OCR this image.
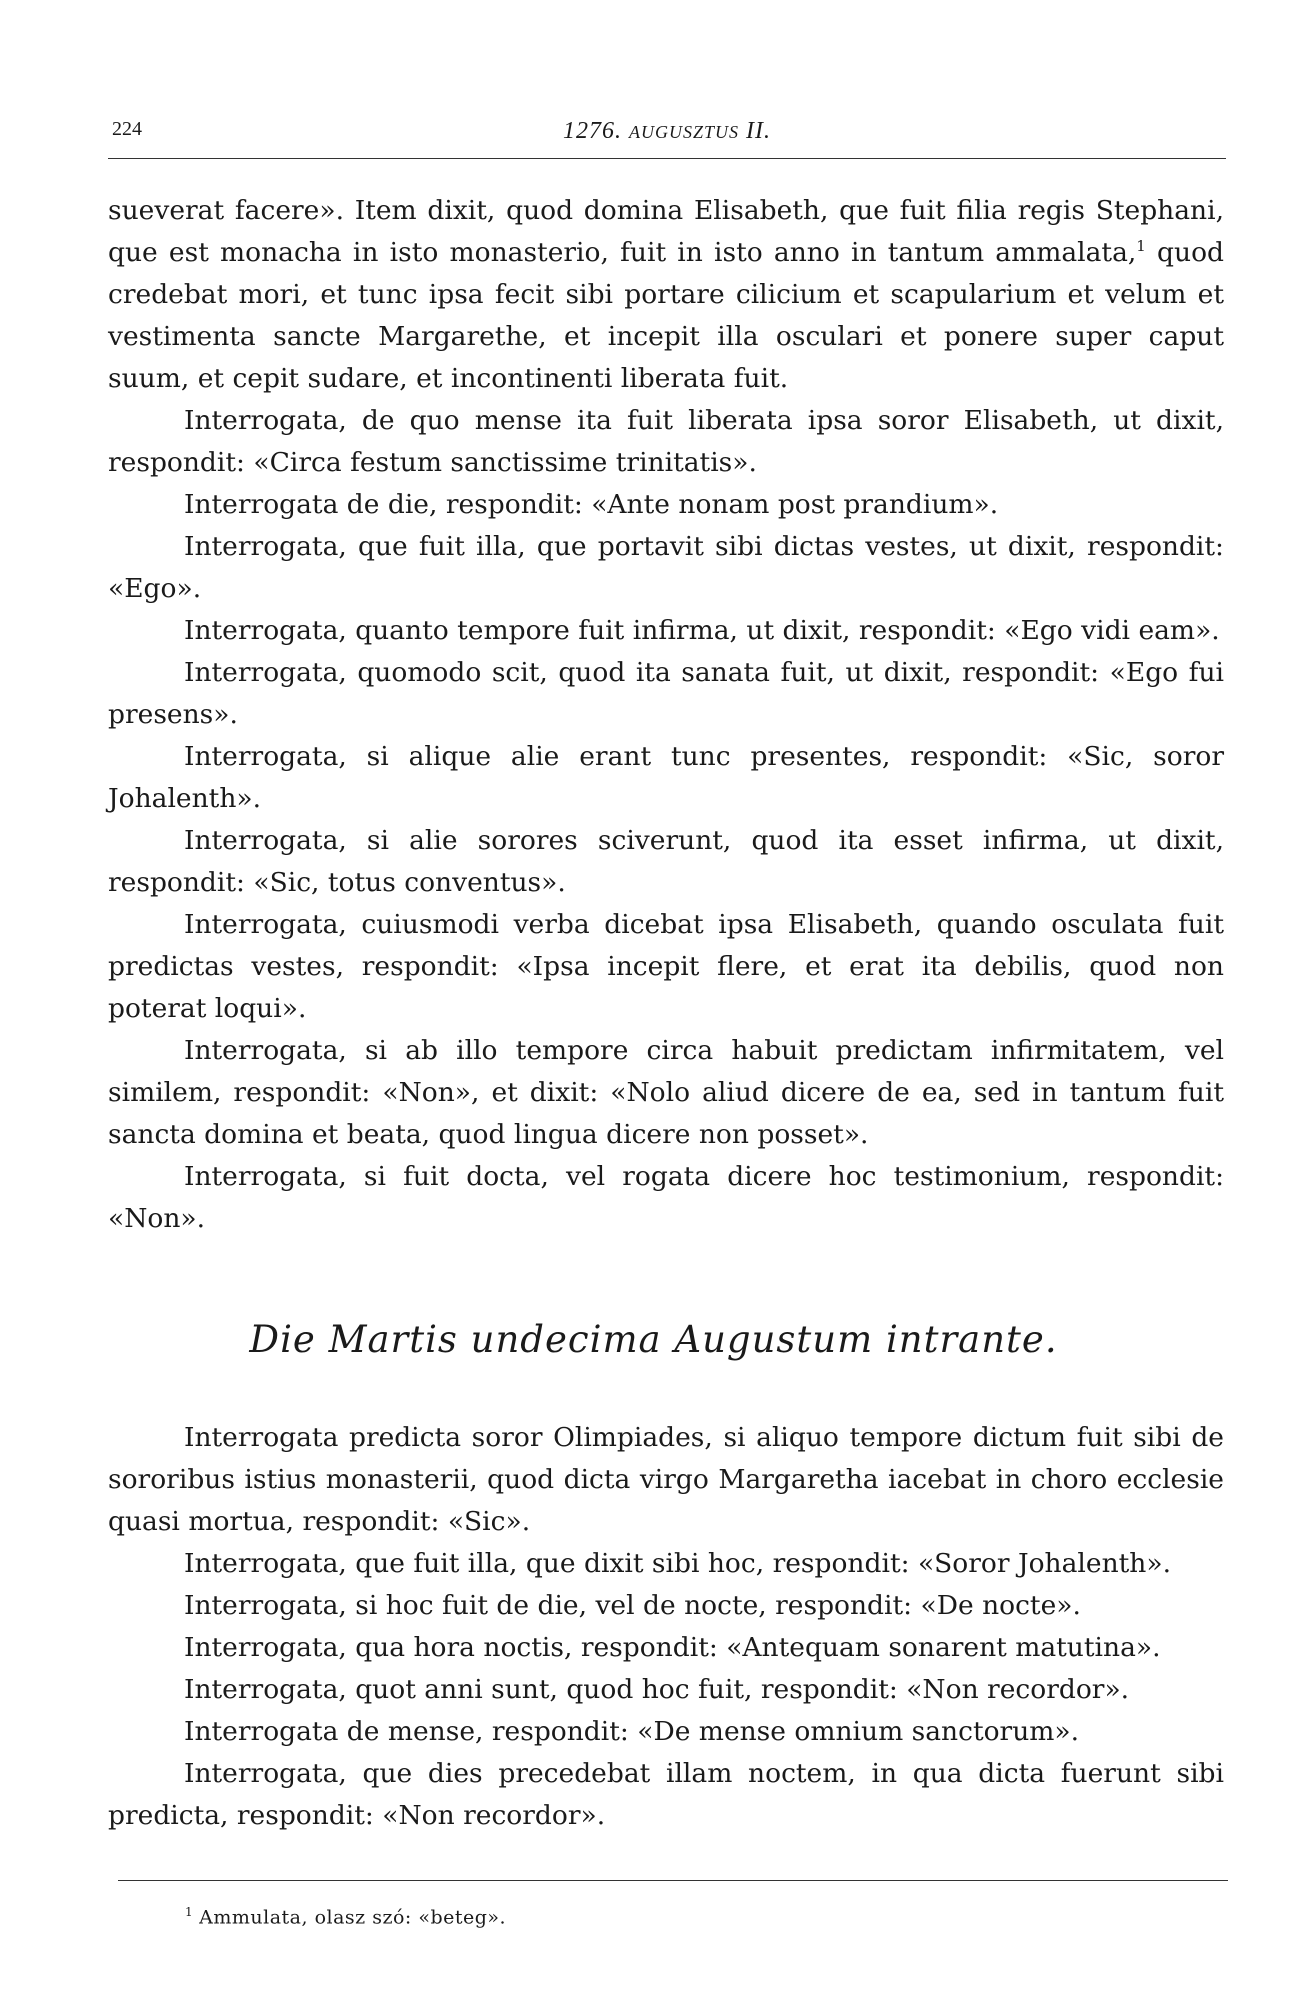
224	1276. AUGUSZTUS II.

sueverat facere». Item dixit, quod domina Elisabeth, que fuit filia regis Stephani, que est monacha in isto monasterio, fuit in isto anno in tantum ammalata,$^1$ quod credebat mori, et tunc ipsa fecit sibi portare cilicium et scapularium et velum et vestimenta sancte Margarethe, et incepit illa osculari et ponere super caput suum, et cepit sudare, et incontinenti liberata fuit.

Interrogata, de quo mense ita fuit liberata ipsa soror Elisabeth, ut dixit, respondit: «Circa festum sanctissime trinitatis».

Interrogata de die, respondit: «Ante nonam post prandium».

Interrogata, que fuit illa, que portavit sibi dictas vestes, ut dixit, respondit: «Ego».

Interrogata, quanto tempore fuit infirma, ut dixit, respondit: «Ego vidi eam».

Interrogata, quomodo scit, quod ita sanata fuit, ut dixit, respondit: «Ego fui presens».

Interrogata, si alique alie erant tunc presentes, respondit: «Sic, soror Johalenth».

Interrogata, si alie sorores sciverunt, quod ita esset infirma, ut dixit, respondit: «Sic, totus conventus».

Interrogata, cuiusmodi verba dicebat ipsa Elisabeth, quando osculata fuit predictas vestes, respondit: «Ipsa incepit flere, et erat ita debilis, quod non poterat loqui».

Interrogata, si ab illo tempore circa habuit predictam infirmitatem, vel similem, respondit: «Non», et dixit: «Nolo aliud dicere de ea, sed in tantum fuit sancta domina et beata, quod lingua dicere non posset».

Interrogata, si fuit docta, vel rogata dicere hoc testimonium, respondit: «Non».

Die Martis undecima Augustum intrante.

Interrogata predicta soror Olimpiades, si aliquo tempore dictum fuit sibi de sororibus istius monasterii, quod dicta virgo Margaretha iacebat in choro ecclesie quasi mortua, respondit: «Sic».

Interrogata, que fuit illa, que dixit sibi hoc, respondit: «Soror Johalenth».

Interrogata, si hoc fuit de die, vel de nocte, respondit: «De nocte».

Interrogata, qua hora noctis, respondit: «Antequam sonarent matutina».

Interrogata, quot anni sunt, quod hoc fuit, respondit: «Non recordor».

Interrogata de mense, respondit: «De mense omnium sanctorum».

Interrogata, que dies precedebat illam noctem, in qua dicta fuerunt sibi predicta, respondit: «Non recordor».

$^1$ Ammulata, olasz szó: «beteg».
